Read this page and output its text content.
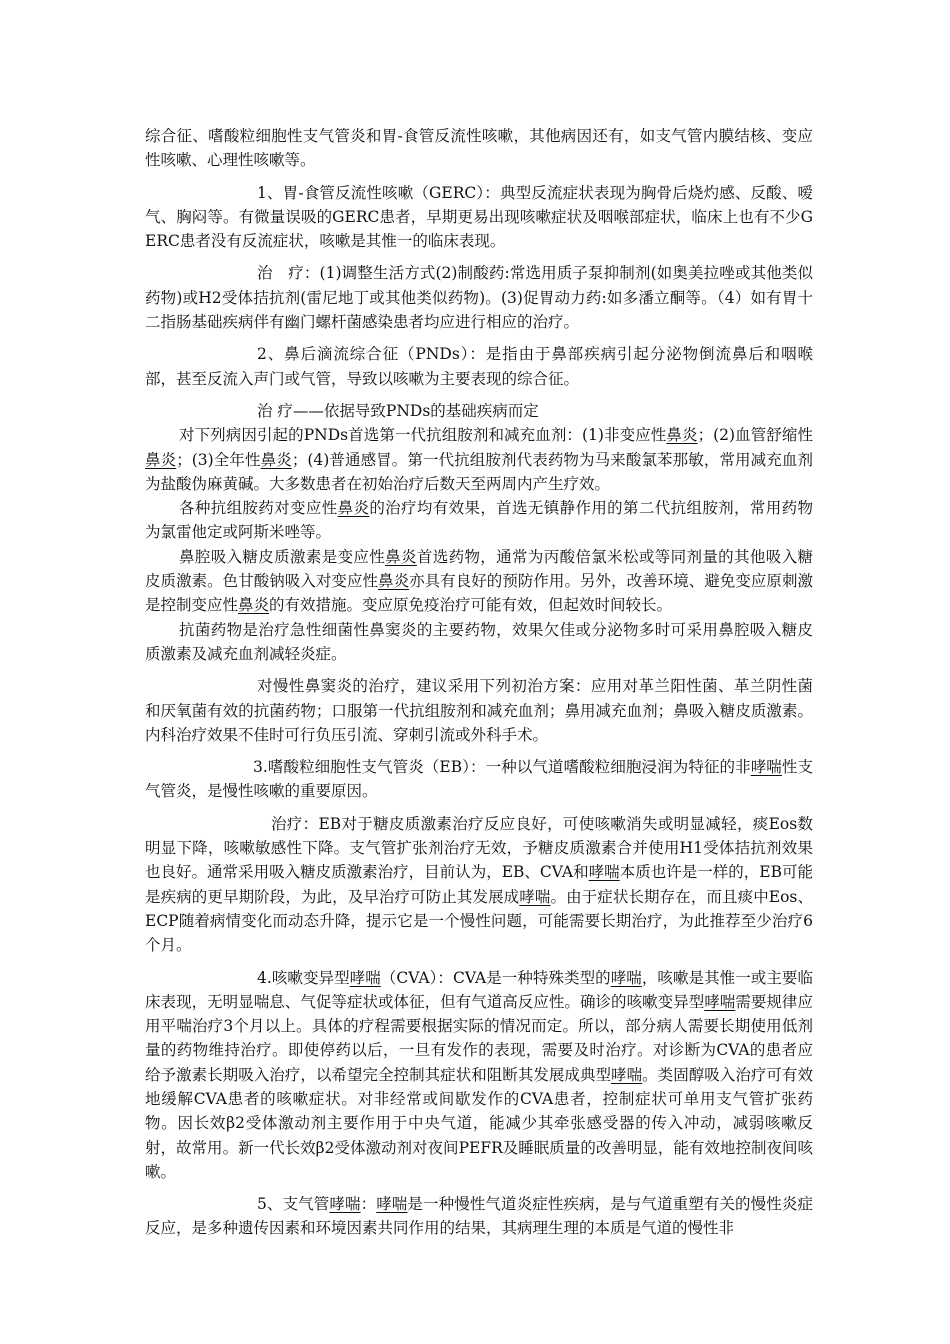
综合征、嗜酸粒细胞性支气管炎和胃-食管反流性咳嗽，其他病因还有，如支气管内膜结核、变应性咳嗽、心理性咳嗽等。

1、胃-食管反流性咳嗽（GERC）：典型反流症状表现为胸骨后烧灼感、反酸、嗳气、胸闷等。有微量误吸的GERC患者，早期更易出现咳嗽症状及咽喉部症状，临床上也有不少GERC患者没有反流症状，咳嗽是其惟一的临床表现。

治　疗：(1)调整生活方式(2)制酸药:常选用质子泵抑制剂(如奥美拉唑或其他类似药物)或H2受体拮抗剂(雷尼地丁或其他类似药物)。(3)促胃动力药:如多潘立酮等。（4）如有胃十二指肠基础疾病伴有幽门螺杆菌感染患者均应进行相应的治疗。

2、鼻后滴流综合征（PNDs）：是指由于鼻部疾病引起分泌物倒流鼻后和咽喉部，甚至反流入声门或气管，导致以咳嗽为主要表现的综合征。

治 疗——依据导致PNDs的基础疾病而定

对下列病因引起的PNDs首选第一代抗组胺剂和减充血剂：(1)非变应性鼻炎；(2)血管舒缩性鼻炎；(3)全年性鼻炎；(4)普通感冒。第一代抗组胺剂代表药物为马来酸氯苯那敏，常用减充血剂为盐酸伪麻黄碱。大多数患者在初始治疗后数天至两周内产生疗效。

各种抗组胺药对变应性鼻炎的治疗均有效果，首选无镇静作用的第二代抗组胺剂，常用药物为氯雷他定或阿斯米唑等。

鼻腔吸入糖皮质激素是变应性鼻炎首选药物，通常为丙酸倍氯米松或等同剂量的其他吸入糖皮质激素。色甘酸钠吸入对变应性鼻炎亦具有良好的预防作用。另外，改善环境、避免变应原刺激是控制变应性鼻炎的有效措施。变应原免疫治疗可能有效，但起效时间较长。

抗菌药物是治疗急性细菌性鼻窦炎的主要药物，效果欠佳或分泌物多时可采用鼻腔吸入糖皮质激素及减充血剂减轻炎症。

对慢性鼻窦炎的治疗，建议采用下列初治方案：应用对革兰阳性菌、革兰阴性菌和厌氧菌有效的抗菌药物；口服第一代抗组胺剂和减充血剂；鼻用减充血剂；鼻吸入糖皮质激素。内科治疗效果不佳时可行负压引流、穿刺引流或外科手术。

3.嗜酸粒细胞性支气管炎（EB）：一种以气道嗜酸粒细胞浸润为特征的非哮喘性支气管炎，是慢性咳嗽的重要原因。

治疗：EB对于糖皮质激素治疗反应良好，可使咳嗽消失或明显减轻，痰Eos数明显下降，咳嗽敏感性下降。支气管扩张剂治疗无效，予糖皮质激素合并使用H1受体拮抗剂效果也良好。通常采用吸入糖皮质激素治疗，目前认为，EB、CVA和哮喘本质也许是一样的，EB可能是疾病的更早期阶段，为此，及早治疗可防止其发展成哮喘。由于症状长期存在，而且痰中Eos、ECP随着病情变化而动态升降，提示它是一个慢性问题，可能需要长期治疗，为此推荐至少治疗6个月。

4.咳嗽变异型哮喘（CVA）：CVA是一种特殊类型的哮喘，咳嗽是其惟一或主要临床表现，无明显喘息、气促等症状或体征，但有气道高反应性。确诊的咳嗽变异型哮喘需要规律应用平喘治疗3个月以上。具体的疗程需要根据实际的情况而定。所以，部分病人需要长期使用低剂量的药物维持治疗。即使停药以后，一旦有发作的表现，需要及时治疗。对诊断为CVA的患者应给予激素长期吸入治疗，以希望完全控制其症状和阻断其发展成典型哮喘。类固醇吸入治疗可有效地缓解CVA患者的咳嗽症状。对非经常或间歇发作的CVA患者，控制症状可单用支气管扩张药物。因长效β2受体激动剂主要作用于中央气道，能减少其牵张感受器的传入冲动，减弱咳嗽反射，故常用。新一代长效β2受体激动剂对夜间PEFR及睡眠质量的改善明显，能有效地控制夜间咳嗽。

5、支气管哮喘：哮喘是一种慢性气道炎症性疾病，是与气道重塑有关的慢性炎症反应，是多种遗传因素和环境因素共同作用的结果，其病理生理的本质是气道的慢性非
